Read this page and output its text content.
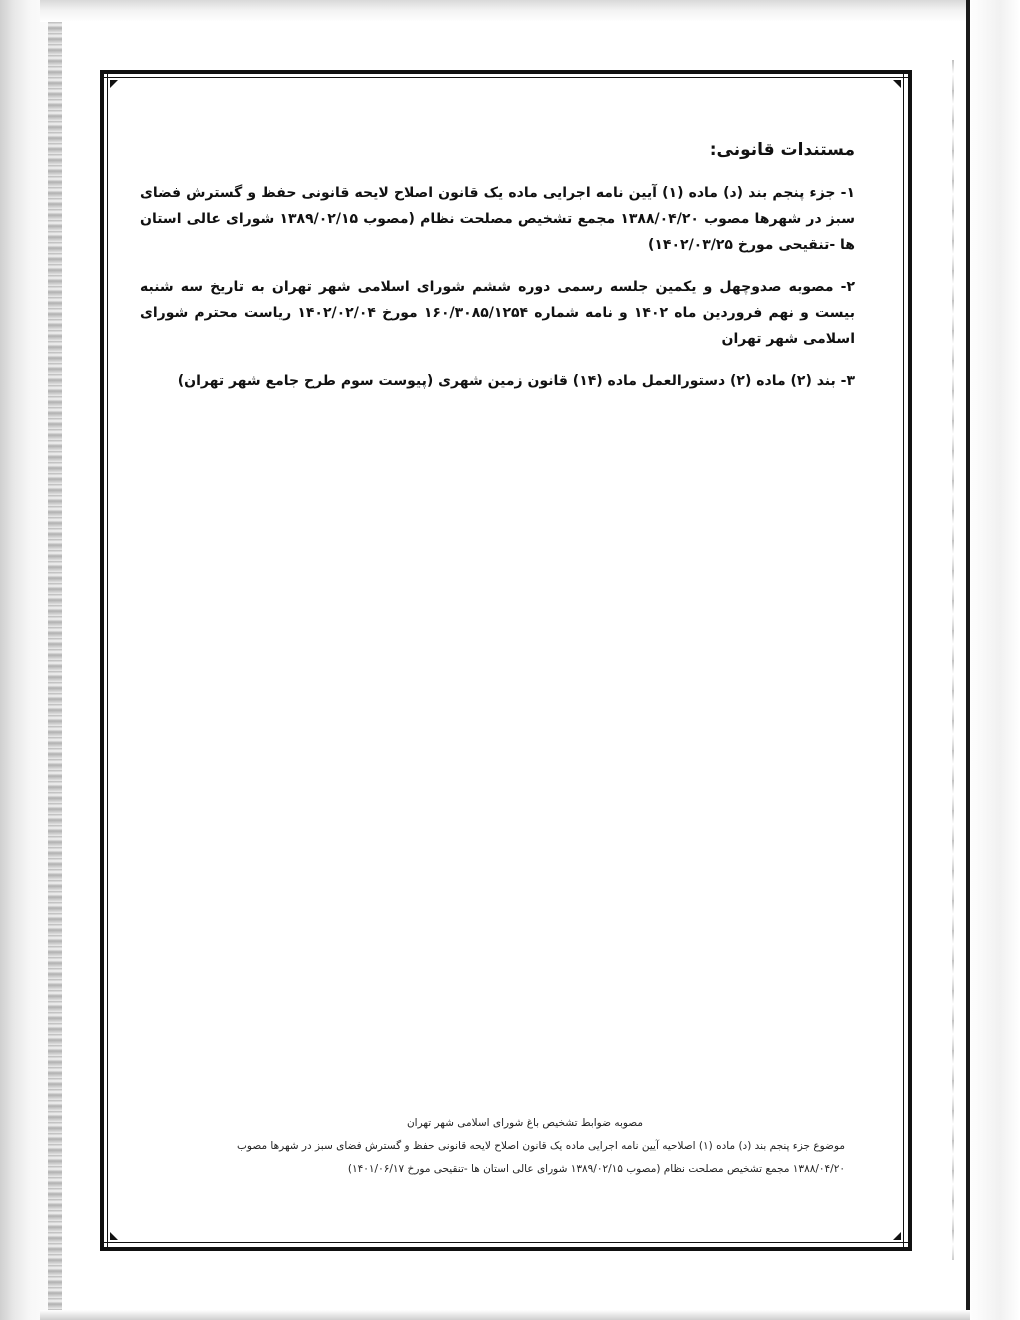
مستندات قانونی:
۱- جزء پنجم بند (د) ماده (۱) آیین نامه اجرایی ماده یک قانون اصلاح لایحه قانونی حفظ و گسترش فضای سبز در شهرها مصوب ۱۳۸۸/۰۴/۲۰ مجمع تشخیص مصلحت نظام (مصوب ۱۳۸۹/۰۲/۱۵ شورای عالی استان ها -تنقیحی مورخ ۱۴۰۲/۰۳/۲۵)
۲- مصوبه صدوچهل و یکمین جلسه رسمی دوره ششم شورای اسلامی شهر تهران به تاریخ سه شنبه بیست و نهم فروردین ماه ۱۴۰۲ و نامه شماره ۱۶۰/۳۰۸۵/۱۲۵۴ مورخ ۱۴۰۲/۰۲/۰۴ ریاست محترم شورای اسلامی شهر تهران
۳- بند (۲) ماده (۲) دستورالعمل ماده (۱۴) قانون زمین شهری (پیوست سوم طرح جامع شهر تهران)
مصوبه ضوابط تشخیص باغ شورای اسلامی شهر تهران
موضوع جزء پنجم بند (د) ماده (۱) اصلاحیه آیین نامه اجرایی ماده یک قانون اصلاح لایحه قانونی حفظ و گسترش فضای سبز در شهرها مصوب
۱۳۸۸/۰۴/۲۰ مجمع تشخیص مصلحت نظام (مصوب ۱۳۸۹/۰۲/۱۵ شورای عالی استان ها -تنقیحی مورخ ۱۴۰۱/۰۶/۱۷)
